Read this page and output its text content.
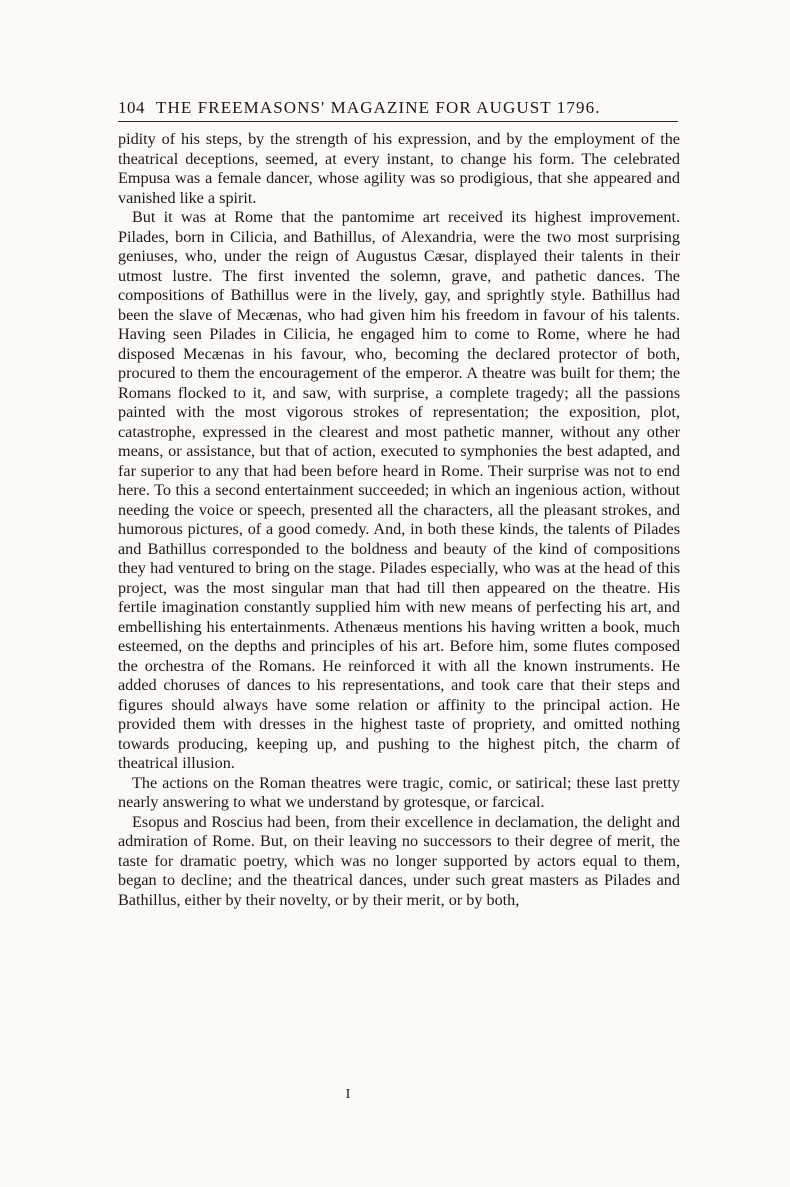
104 THE FREEMASONS' MAGAZINE FOR AUGUST 1796.

pidity of his steps, by the strength of his expression, and by the employment of the theatrical deceptions, seemed, at every instant, to change his form. The celebrated Empusa was a female dancer, whose agility was so prodigious, that she appeared and vanished like a spirit.

But it was at Rome that the pantomime art received its highest improvement. Pilades, born in Cilicia, and Bathillus, of Alexandria, were the two most surprising geniuses, who, under the reign of Augustus Cæsar, displayed their talents in their utmost lustre. The first invented the solemn, grave, and pathetic dances. The compositions of Bathillus were in the lively, gay, and sprightly style. Bathillus had been the slave of Mecænas, who had given him his freedom in favour of his talents. Having seen Pilades in Cilicia, he engaged him to come to Rome, where he had disposed Mecænas in his favour, who, becoming the declared protector of both, procured to them the encouragement of the emperor. A theatre was built for them; the Romans flocked to it, and saw, with surprise, a complete tragedy; all the passions painted with the most vigorous strokes of representation; the exposition, plot, catastrophe, expressed in the clearest and most pathetic manner, without any other means, or assistance, but that of action, executed to symphonies the best adapted, and far superior to any that had been before heard in Rome. Their surprise was not to end here. To this a second entertainment succeeded; in which an ingenious action, without needing the voice or speech, presented all the characters, all the pleasant strokes, and humorous pictures, of a good comedy. And, in both these kinds, the talents of Pilades and Bathillus corresponded to the boldness and beauty of the kind of compositions they had ventured to bring on the stage. Pilades especially, who was at the head of this project, was the most singular man that had till then appeared on the theatre. His fertile imagination constantly supplied him with new means of perfecting his art, and embellishing his entertainments. Athenæus mentions his having written a book, much esteemed, on the depths and principles of his art. Before him, some flutes composed the orchestra of the Romans. He reinforced it with all the known instruments. He added choruses of dances to his representations, and took care that their steps and figures should always have some relation or affinity to the principal action. He provided them with dresses in the highest taste of propriety, and omitted nothing towards producing, keeping up, and pushing to the highest pitch, the charm of theatrical illusion.

The actions on the Roman theatres were tragic, comic, or satirical; these last pretty nearly answering to what we understand by grotesque, or farcical.

Esopus and Roscius had been, from their excellence in declamation, the delight and admiration of Rome. But, on their leaving no successors to their degree of merit, the taste for dramatic poetry, which was no longer supported by actors equal to them, began to decline; and the theatrical dances, under such great masters as Pilades and Bathillus, either by their novelty, or by their merit, or by both,

I
